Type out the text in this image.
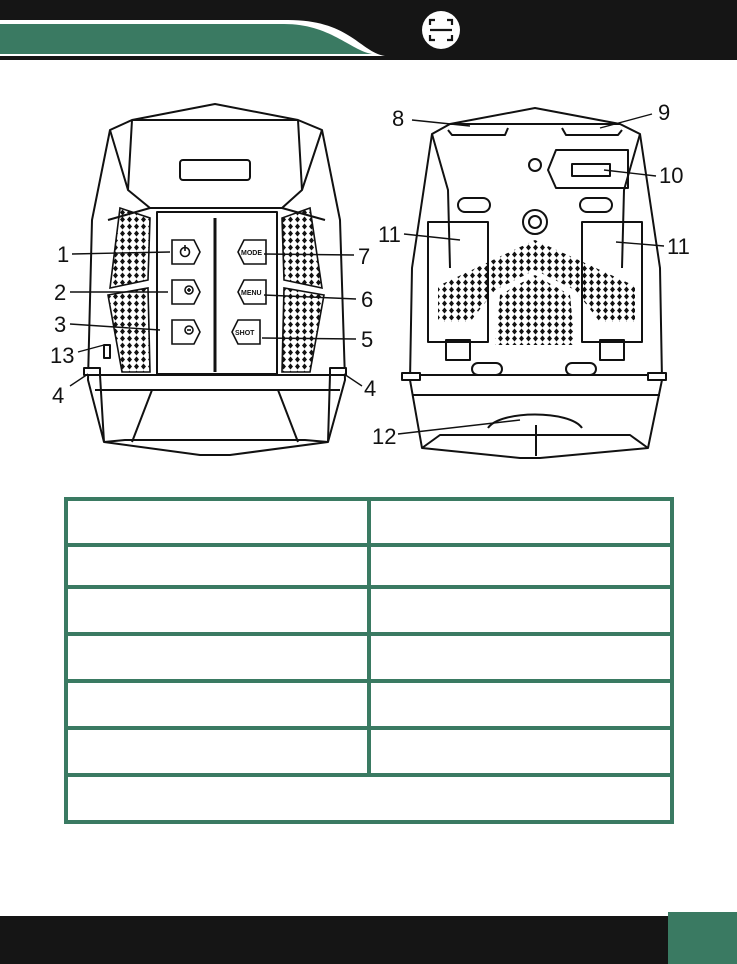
MODE
MENU
SHOT
1
2
3
13
4
7
6
5
4
8	9
10
11	11
12
